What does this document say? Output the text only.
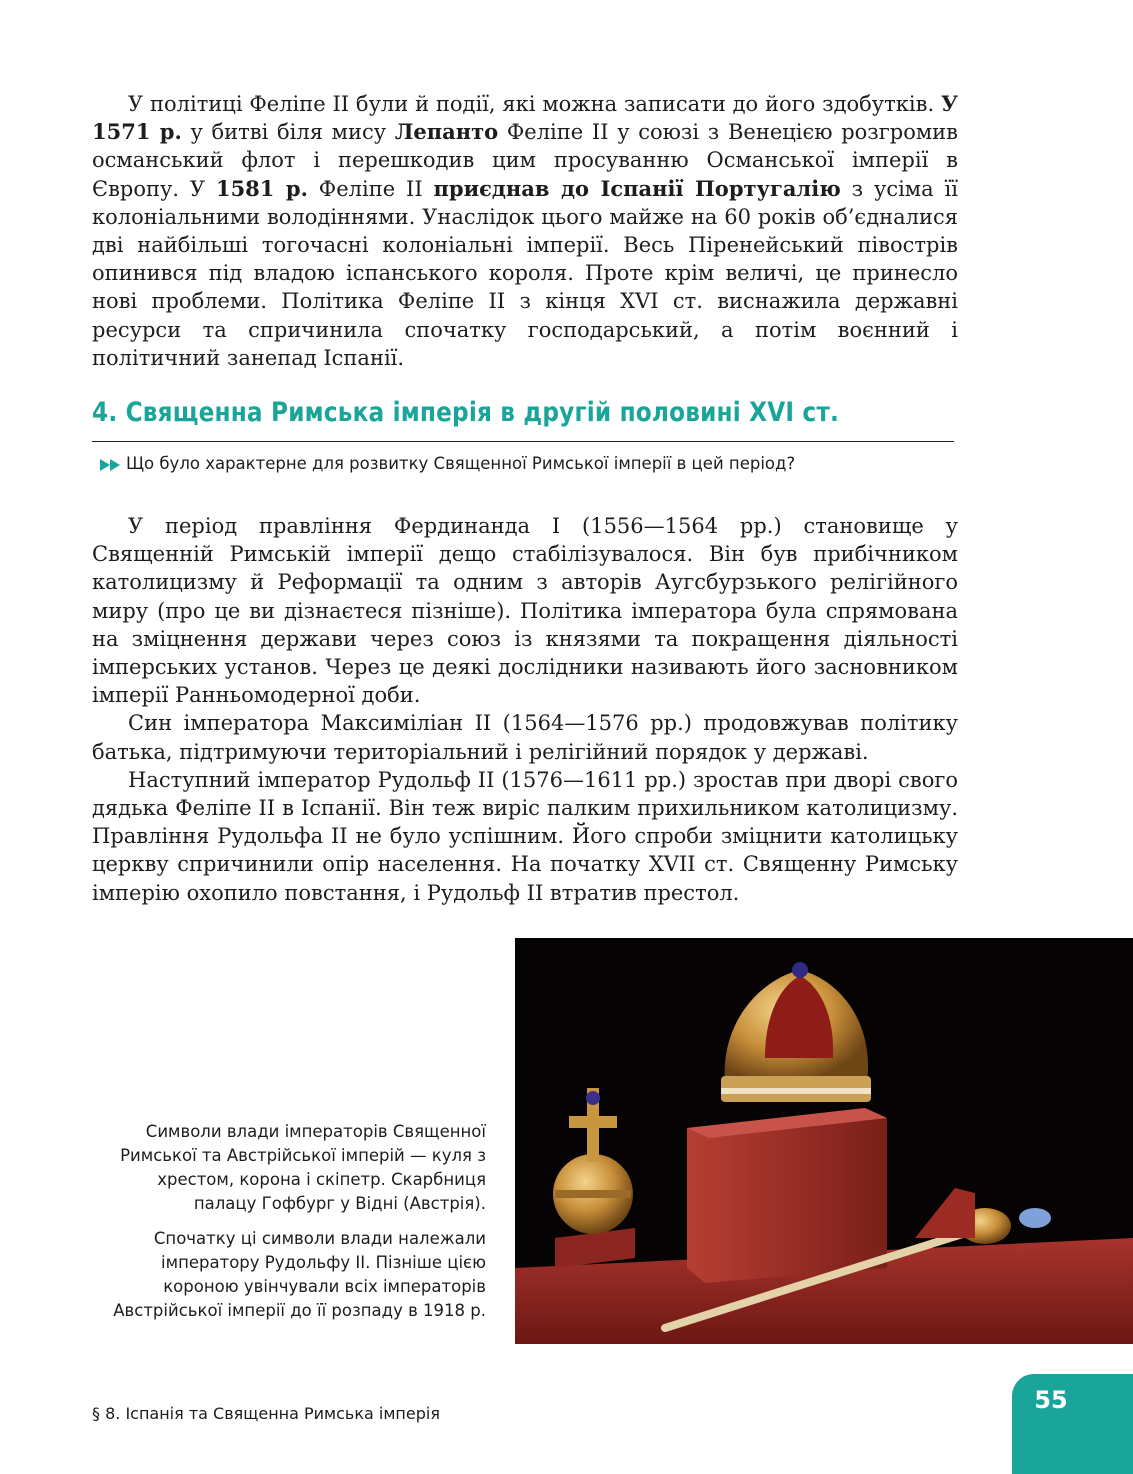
У політиці Феліпе II були й події, які можна записати до його здобутків. У 1571 р. у битві біля мису Лепанто Феліпе II у союзі з Венецією розгромив османський флот і перешкодив цим просуванню Османської імперії в Європу. У 1581 р. Феліпе II приєднав до Іспанії Португалію з усіма її колоніальними володіннями. Унаслідок цього майже на 60 років об’єдналися дві найбільші тогочасні колоніальні імперії. Весь Піренейський півострів опинився під владою іспанського короля. Проте крім величі, це принесло нові проблеми. Політика Феліпе II з кінця XVI ст. виснажила державні ресурси та спричинила спочатку господарський, а потім воєнний і політичний занепад Іспанії.

4. Священна Римська імперія в другій половині XVI ст.
Що було характерне для розвитку Священної Римської імперії в цей період?

У період правління Фердинанда I (1556—1564 рр.) становище у Священній Римській імперії дещо стабілізувалося. Він був прибічником католицизму й Реформації та одним з авторів Аугсбурзького релігійного миру (про це ви дізнаєтеся пізніше). Політика імператора була спрямована на зміцнення держави через союз із князями та покращення діяльності імперських установ. Через це деякі дослідники називають його засновником імперії Ранньомодерної доби.

Син імператора Максиміліан II (1564—1576 рр.) продовжував політику батька, підтримуючи територіальний і релігійний порядок у державі.

Наступний імператор Рудольф II (1576—1611 рр.) зростав при дворі свого дядька Феліпе II в Іспанії. Він теж виріс палким прихильником католицизму. Правління Рудольфа II не було успішним. Його спроби зміцнити католицьку церкву спричинили опір населення. На початку XVII ст. Священну Римську імперію охопило повстання, і Рудольф II втратив престол.

Символи влади імператорів Священної Римської та Австрійської імперій — куля з хрестом, корона і скіпетр. Скарбниця палацу Гофбург у Відні (Австрія).

Спочатку ці символи влади належали імператору Рудольфу II. Пізніше цією короною увінчували всіх імператорів Австрійської імперії до її розпаду в 1918 р.

§ 8. Іспанія та Священна Римська імперія	55
